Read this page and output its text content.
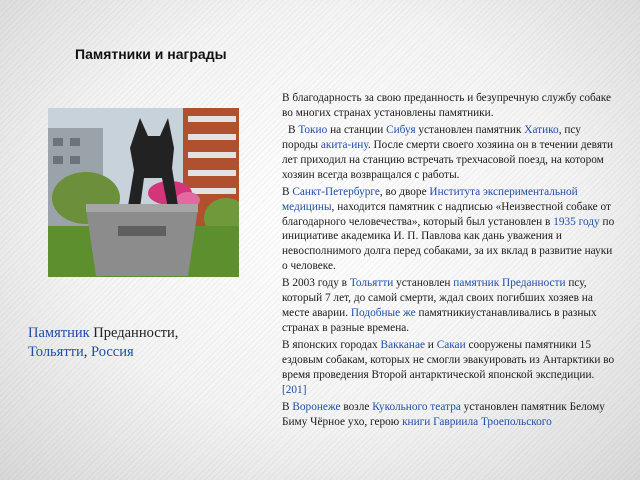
Памятники и награды
Памятник Преданности,
Тольятти, Россия

В благодарность за свою преданность и безупречную службу собаке во многих странах установлены памятники.

В Токио на станции Сибуя установлен памятник Хатико, псу породы акита-ину. После смерти своего хозяина он в течении девяти лет приходил на станцию встречать трехчасовой поезд, на котором хозяин всегда возвращался с работы.

В Санкт-Петербурге, во дворе Института экспериментальной медицины, находится памятник с надписью «Неизвестной собаке от благодарного человечества», который был установлен в 1935 году по инициативе академика И. П. Павлова как дань уважения и невосполнимого долга перед собаками, за их вклад в развитие науки о человеке.

В 2003 году в Тольятти установлен памятник Преданности псу, который 7 лет, до самой смерти, ждал своих погибших хозяев на месте аварии. Подобные же памятникиустанавливались в разных странах в разные времена.

В японских городах Вакканае и Сакаи сооружены памятники 15 ездовым собакам, которых не смогли эвакуировать из Антарктики во время проведения Второй антарктической японской экспедиции.[201]

В Воронеже возле Кукольного театра установлен памятник Белому Биму Чёрное ухо, герою книги Гавриила Троепольского
